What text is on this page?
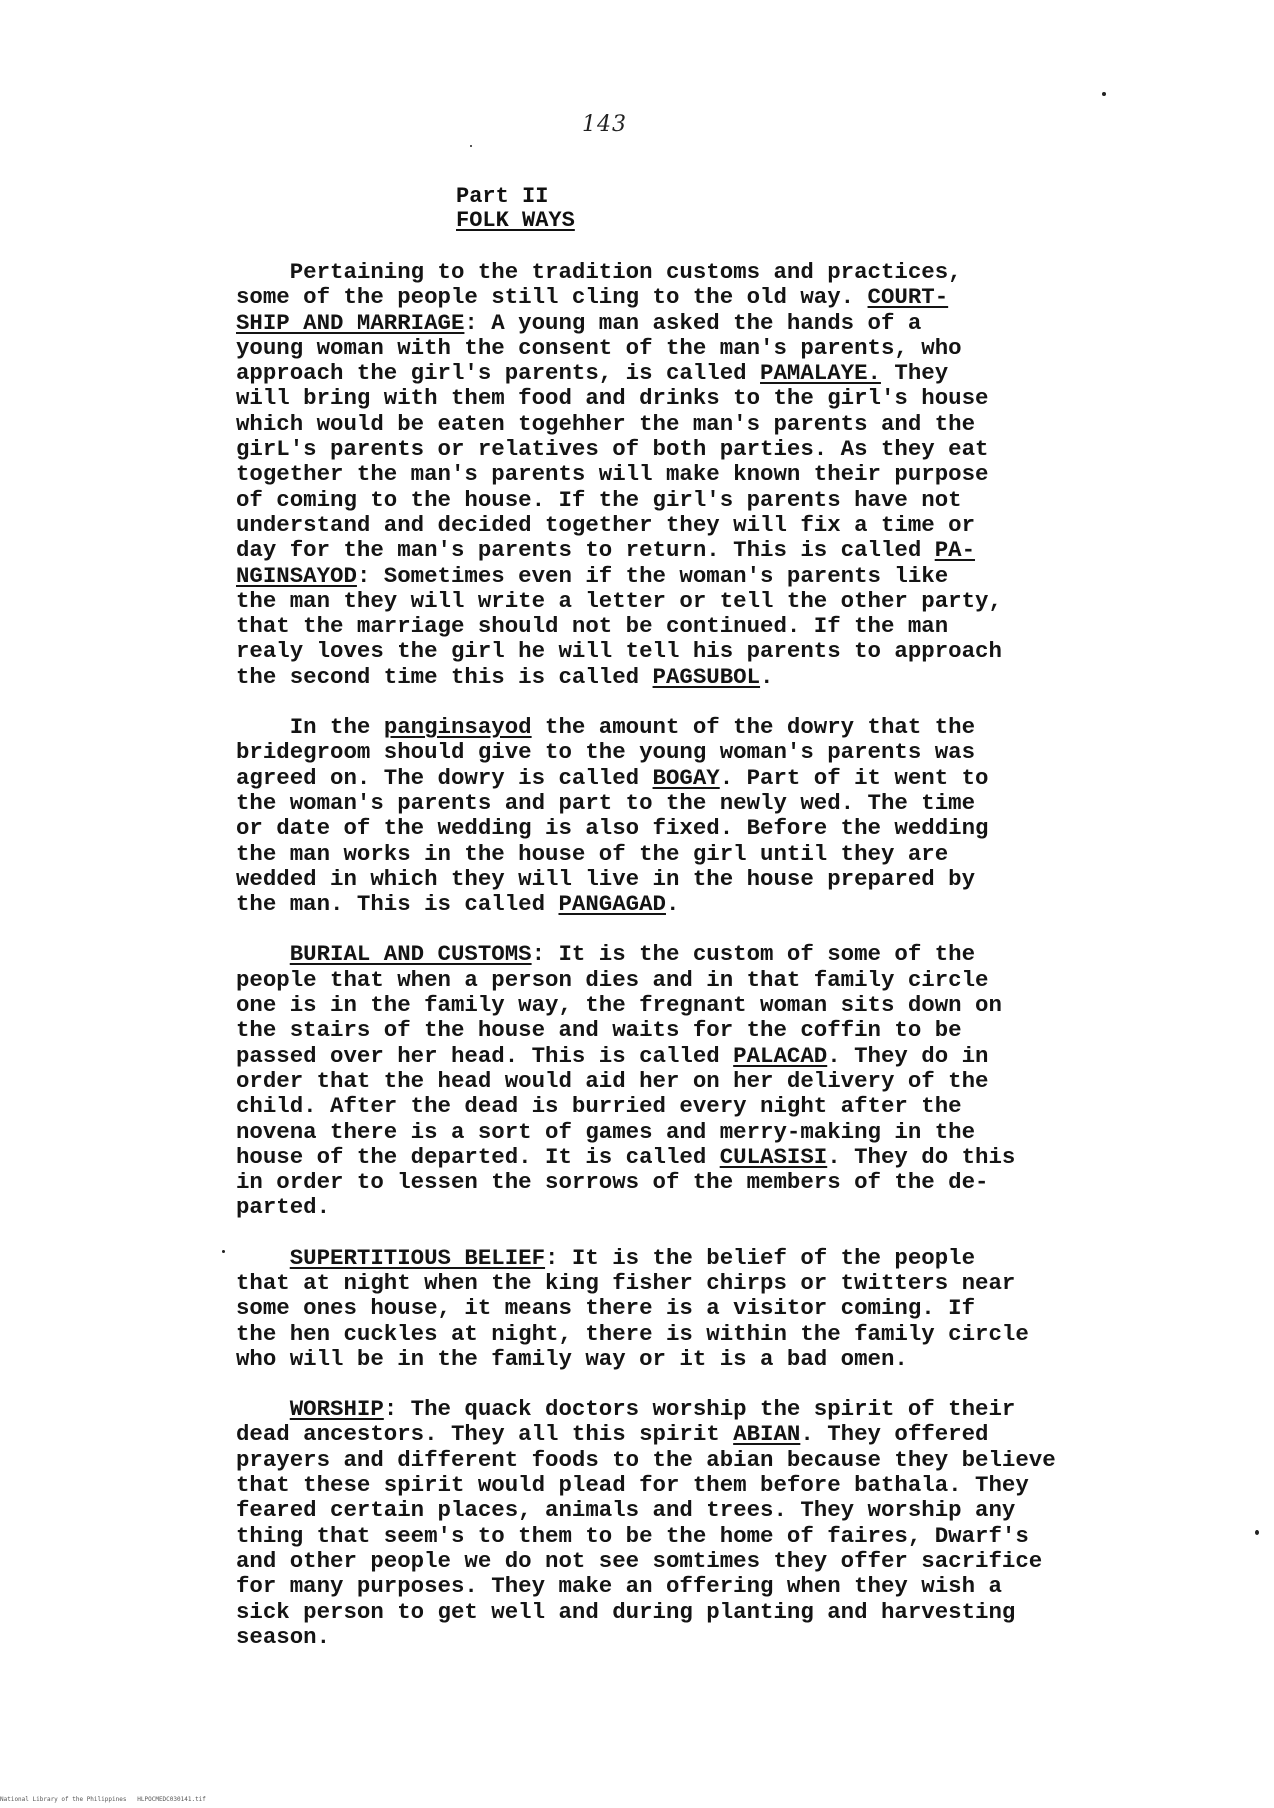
143
Part II
FOLK WAYS
Pertaining to the tradition customs and practices,
some of the people still cling to the old way. COURT-
SHIP AND MARRIAGE: A young man asked the hands of a
young woman with the consent of the man's parents, who
approach the girl's parents, is called PAMALAYE. They
will bring with them food and drinks to the girl's house
which would be eaten togehher the man's parents and the
girL's parents or relatives of both parties. As they eat
together the man's parents will make known their purpose
of coming to the house. If the girl's parents have not
understand and decided together they will fix a time or
day for the man's parents to return. This is called PA-
NGINSAYOD: Sometimes even if the woman's parents like
the man they will write a letter or tell the other party,
that the marriage should not be continued. If the man
realy loves the girl he will tell his parents to approach
the second time this is called PAGSUBOL.
In the panginsayod the amount of the dowry that the
bridegroom should give to the young woman's parents was
agreed on. The dowry is called BOGAY. Part of it went to
the woman's parents and part to the newly wed. The time
or date of the wedding is also fixed. Before the wedding
the man works in the house of the girl until they are
wedded in which they will live in the house prepared by
the man. This is called PANGAGAD.
BURIAL AND CUSTOMS: It is the custom of some of the
people that when a person dies and in that family circle
one is in the family way, the fregnant woman sits down on
the stairs of the house and waits for the coffin to be
passed over her head. This is called PALACAD. They do in
order that the head would aid her on her delivery of the
child. After the dead is burried every night after the
novena there is a sort of games and merry-making in the
house of the departed. It is called CULASISI. They do this
in order to lessen the sorrows of the members of the de-
parted.
SUPERTITIOUS BELIEF: It is the belief of the people
that at night when the king fisher chirps or twitters near
some ones house, it means there is a visitor coming. If
the hen cuckles at night, there is within the family circle
who will be in the family way or it is a bad omen.
WORSHIP: The quack doctors worship the spirit of their
dead ancestors. They all this spirit ABIAN. They offered
prayers and different foods to the abian because they believe
that these spirit would plead for them before bathala. They
feared certain places, animals and trees. They worship any
thing that seem's to them to be the home of faires, Dwarf's
and other people we do not see somtimes they offer sacrifice
for many purposes. They make an offering when they wish a
sick person to get well and during planting and harvesting
season.
National Library of the Philippines   HLPOCMEDC030141.tif
